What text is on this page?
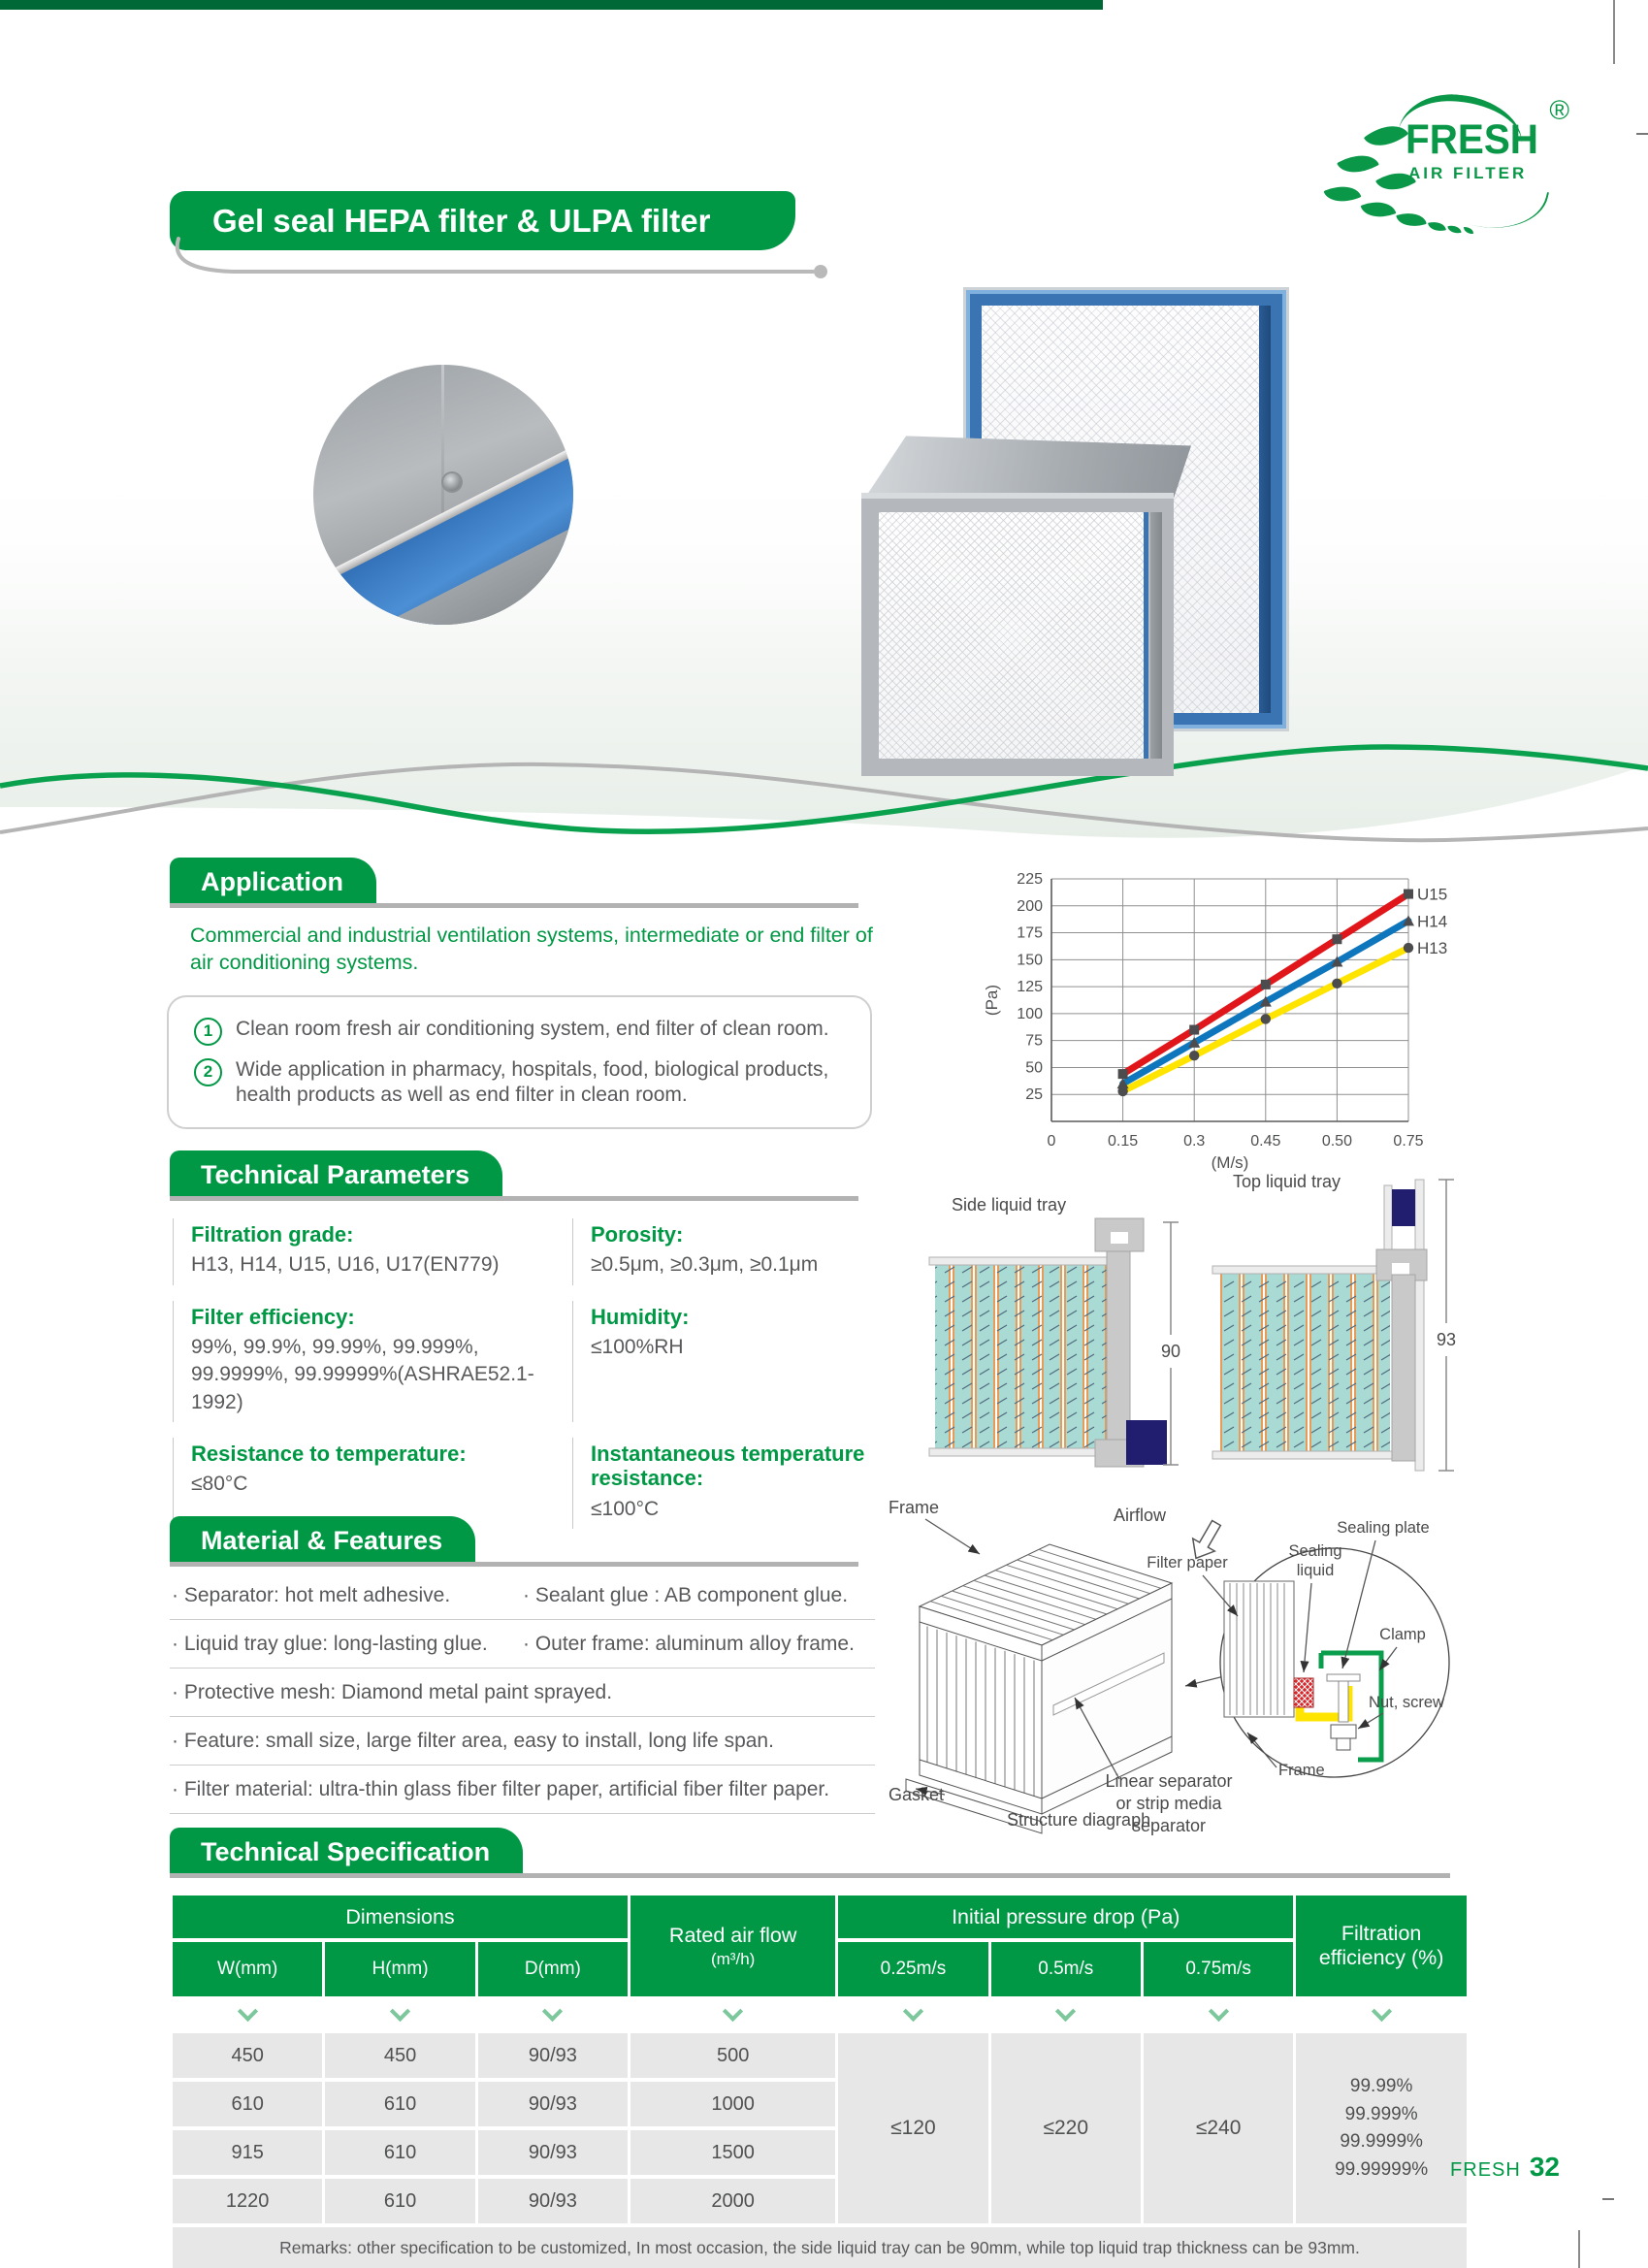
FRESH
AIR FILTER
®
Gel seal HEPA filter & ULPA filter
Application
Commercial and industrial ventilation systems, intermediate or end filter of air conditioning systems.
1	Clean room fresh air conditioning system, end filter of clean room.
2	Wide application in pharmacy, hospitals, food, biological products, health products as well as end filter in clean room.	25
50
75
100
125
150
175
200
225
0	0.15	0.3	0.45	0.50	0.75
U15
H14
H13
(M/s)
(Pa)
Technical Parameters
Filtration grade:
H13, H14, U15, U16, U17(EN779)
Porosity:
≥0.5μm, ≥0.3μm, ≥0.1μm
Filter efficiency:
99%, 99.9%, 99.99%, 99.999%, 99.9999%, 99.99999%(ASHRAE52.1-1992)
Humidity:
≤100%RH
Resistance to temperature:
≤80°C
Instantaneous temperature resistance:
≤100°C
Side liquid tray
90
Top liquid tray
93
Material & Features
· Separator: hot melt adhesive.	· Sealant glue : AB component glue.
· Liquid tray glue: long-lasting glue.	· Outer frame: aluminum alloy frame.
· Protective mesh: Diamond metal paint sprayed.
· Feature: small size, large filter area, easy to install, long life span.
· Filter material: ultra-thin glass fiber filter paper, artificial fiber filter paper.
Frame	Airflow
Gasket
Linear separator
or strip media
separator
Structure diagraph
Filter paper
Sealing
liquid
Sealing plate
Clamp
Nut, screw
Frame
Technical Specification
Dimensions			Rated air flow
(m³/h)	Initial pressure drop (Pa)			Filtration efficiency (%)
W(mm)	H(mm)	D(mm)		0.25m/s	0.5m/s	0.75m/s	

450	450	90/93	500	≤120	≤220	≤240	99.99%
99.999%
99.9999%
99.99999%

610	610	90/93	1000				
915	610	90/93	1500				
1220	610	90/93	2000				
Remarks: other specification to be customized, In most occasion, the side liquid tray can be 90mm, while top liquid trap thickness can be 93mm.							
FRESH 32
